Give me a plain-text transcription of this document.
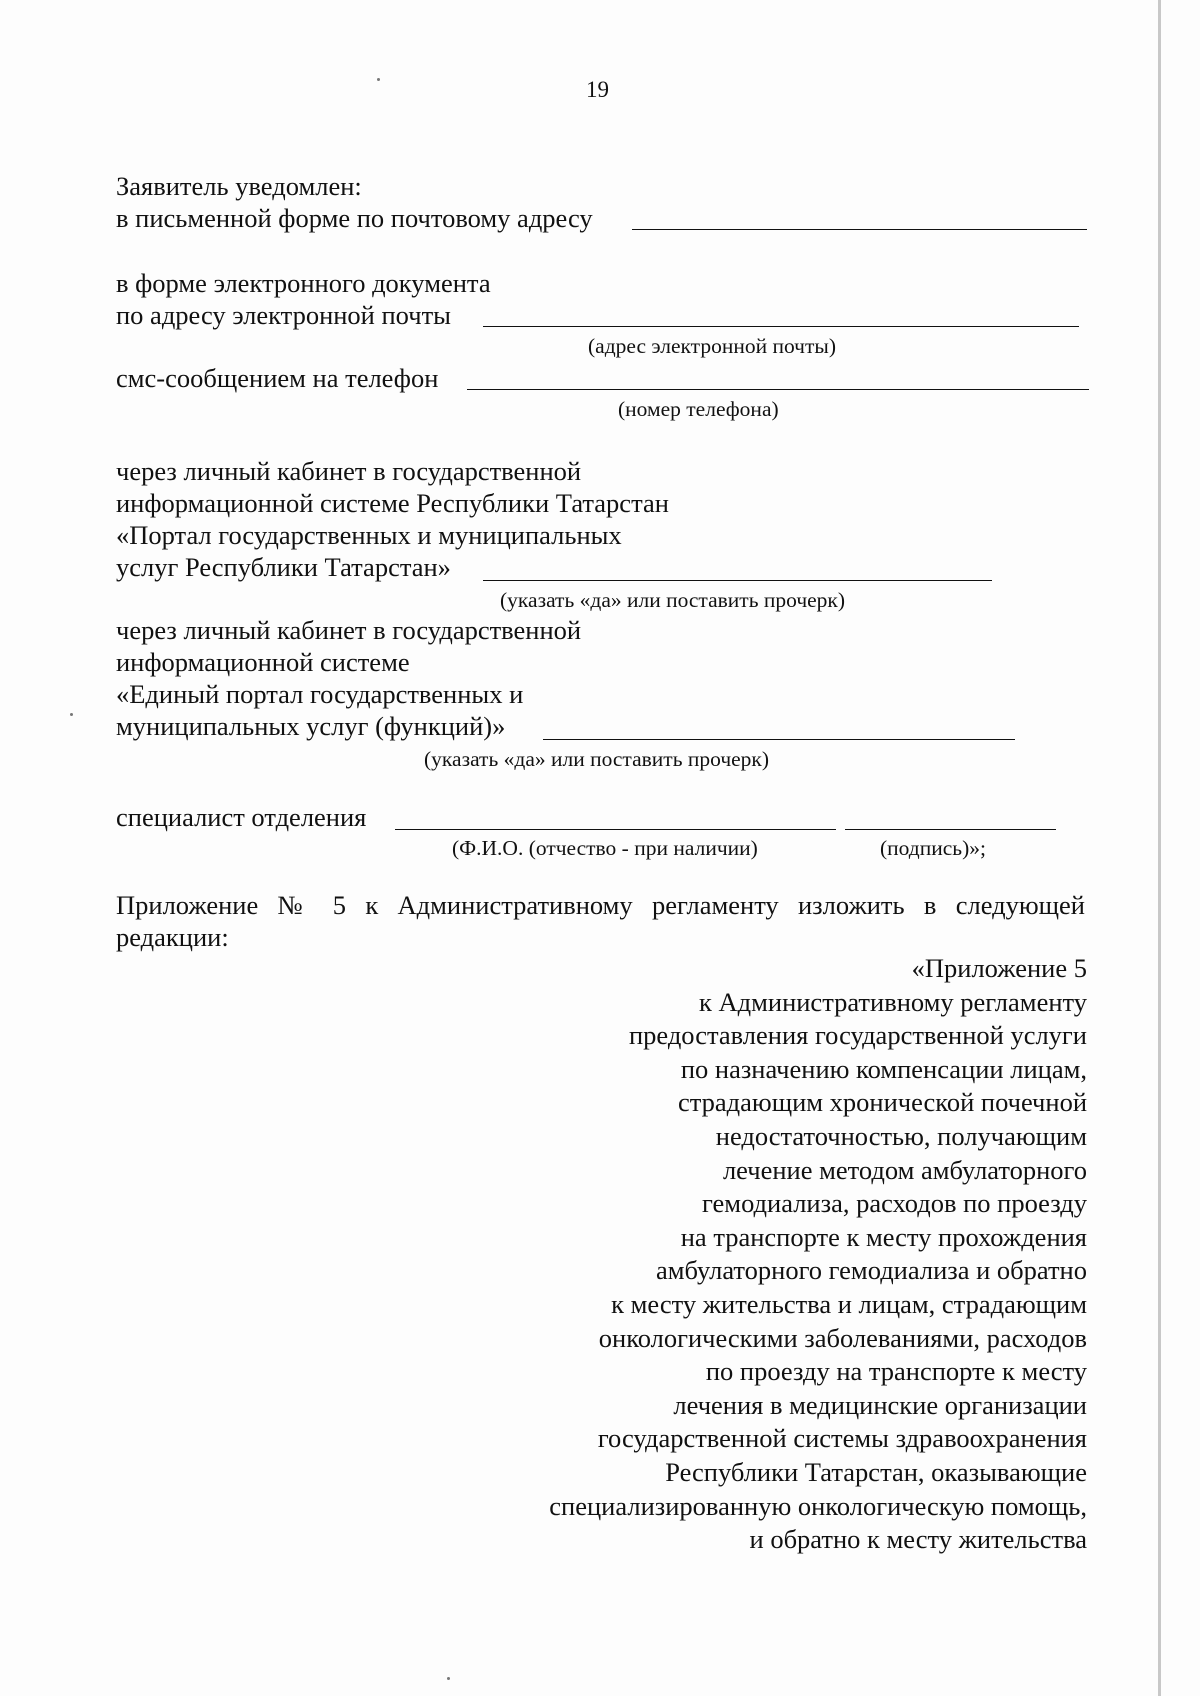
19
Заявитель уведомлен:
в письменной форме по почтовому адресу
в форме электронного документа
по адресу электронной почты
(адрес электронной почты)
смс-сообщением на телефон
(номер телефона)
через личный кабинет в государственной
информационной системе Республики Татарстан
«Портал государственных и муниципальных
услуг Республики Татарстан»
(указать «да» или поставить прочерк)
через личный кабинет в государственной
информационной системе
«Единый портал государственных и
муниципальных услуг (функций)»
(указать «да» или поставить прочерк)
специалист отделения
(Ф.И.О. (отчество - при наличии)	(подпись)»;
Приложение № 5 к Административному регламенту изложить в следующей редакции:
«Приложение 5
к Административному регламенту
предоставления государственной услуги
по назначению компенсации лицам,
страдающим хронической почечной
недостаточностью, получающим
лечение методом амбулаторного
гемодиализа, расходов по проезду
на транспорте к месту прохождения
амбулаторного гемодиализа и обратно
к месту жительства и лицам, страдающим
онкологическими заболеваниями, расходов
по проезду на транспорте к месту
лечения в медицинские организации
государственной системы здравоохранения
Республики Татарстан, оказывающие
специализированную онкологическую помощь,
и обратно к месту жительства
